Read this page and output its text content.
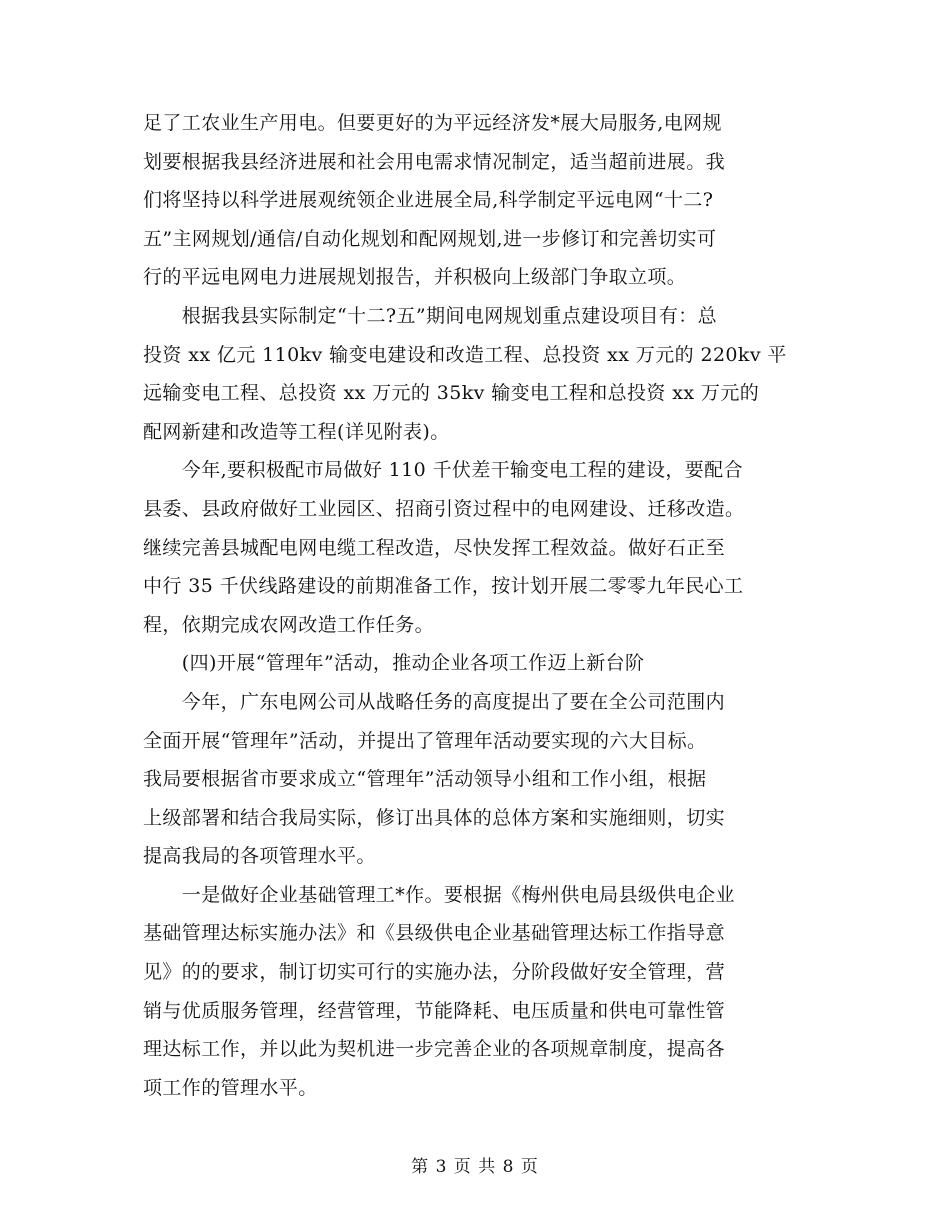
足了工农业生产用电。但要更好的为平远经济发*展大局服务,电网规
划要根据我县经济进展和社会用电需求情况制定，适当超前进展。我
们将坚持以科学进展观统领企业进展全局,科学制定平远电网“十二?
五”主网规划/通信/自动化规划和配网规划,进一步修订和完善切实可
行的平远电网电力进展规划报告，并积极向上级部门争取立项。
　　根据我县实际制定“十二?五”期间电网规划重点建设项目有：总
投资 xx 亿元 110kv 输变电建设和改造工程、总投资 xx 万元的 220kv 平
远输变电工程、总投资 xx 万元的 35kv 输变电工程和总投资 xx 万元的
配网新建和改造等工程(详见附表)。
　　今年,要积极配市局做好 110 千伏差干输变电工程的建设，要配合
县委、县政府做好工业园区、招商引资过程中的电网建设、迁移改造。
继续完善县城配电网电缆工程改造，尽快发挥工程效益。做好石正至
中行 35 千伏线路建设的前期准备工作，按计划开展二零零九年民心工
程，依期完成农网改造工作任务。
　　(四)开展“管理年”活动，推动企业各项工作迈上新台阶
　　今年，广东电网公司从战略任务的高度提出了要在全公司范围内
全面开展“管理年”活动，并提出了管理年活动要实现的六大目标。
我局要根据省市要求成立“管理年”活动领导小组和工作小组，根据
上级部署和结合我局实际，修订出具体的总体方案和实施细则，切实
提高我局的各项管理水平。
　　一是做好企业基础管理工*作。要根据《梅州供电局县级供电企业
基础管理达标实施办法》和《县级供电企业基础管理达标工作指导意
见》的的要求，制订切实可行的实施办法，分阶段做好安全管理，营
销与优质服务管理，经营管理，节能降耗、电压质量和供电可靠性管
理达标工作，并以此为契机进一步完善企业的各项规章制度，提高各
项工作的管理水平。
第 3 页 共 8 页
